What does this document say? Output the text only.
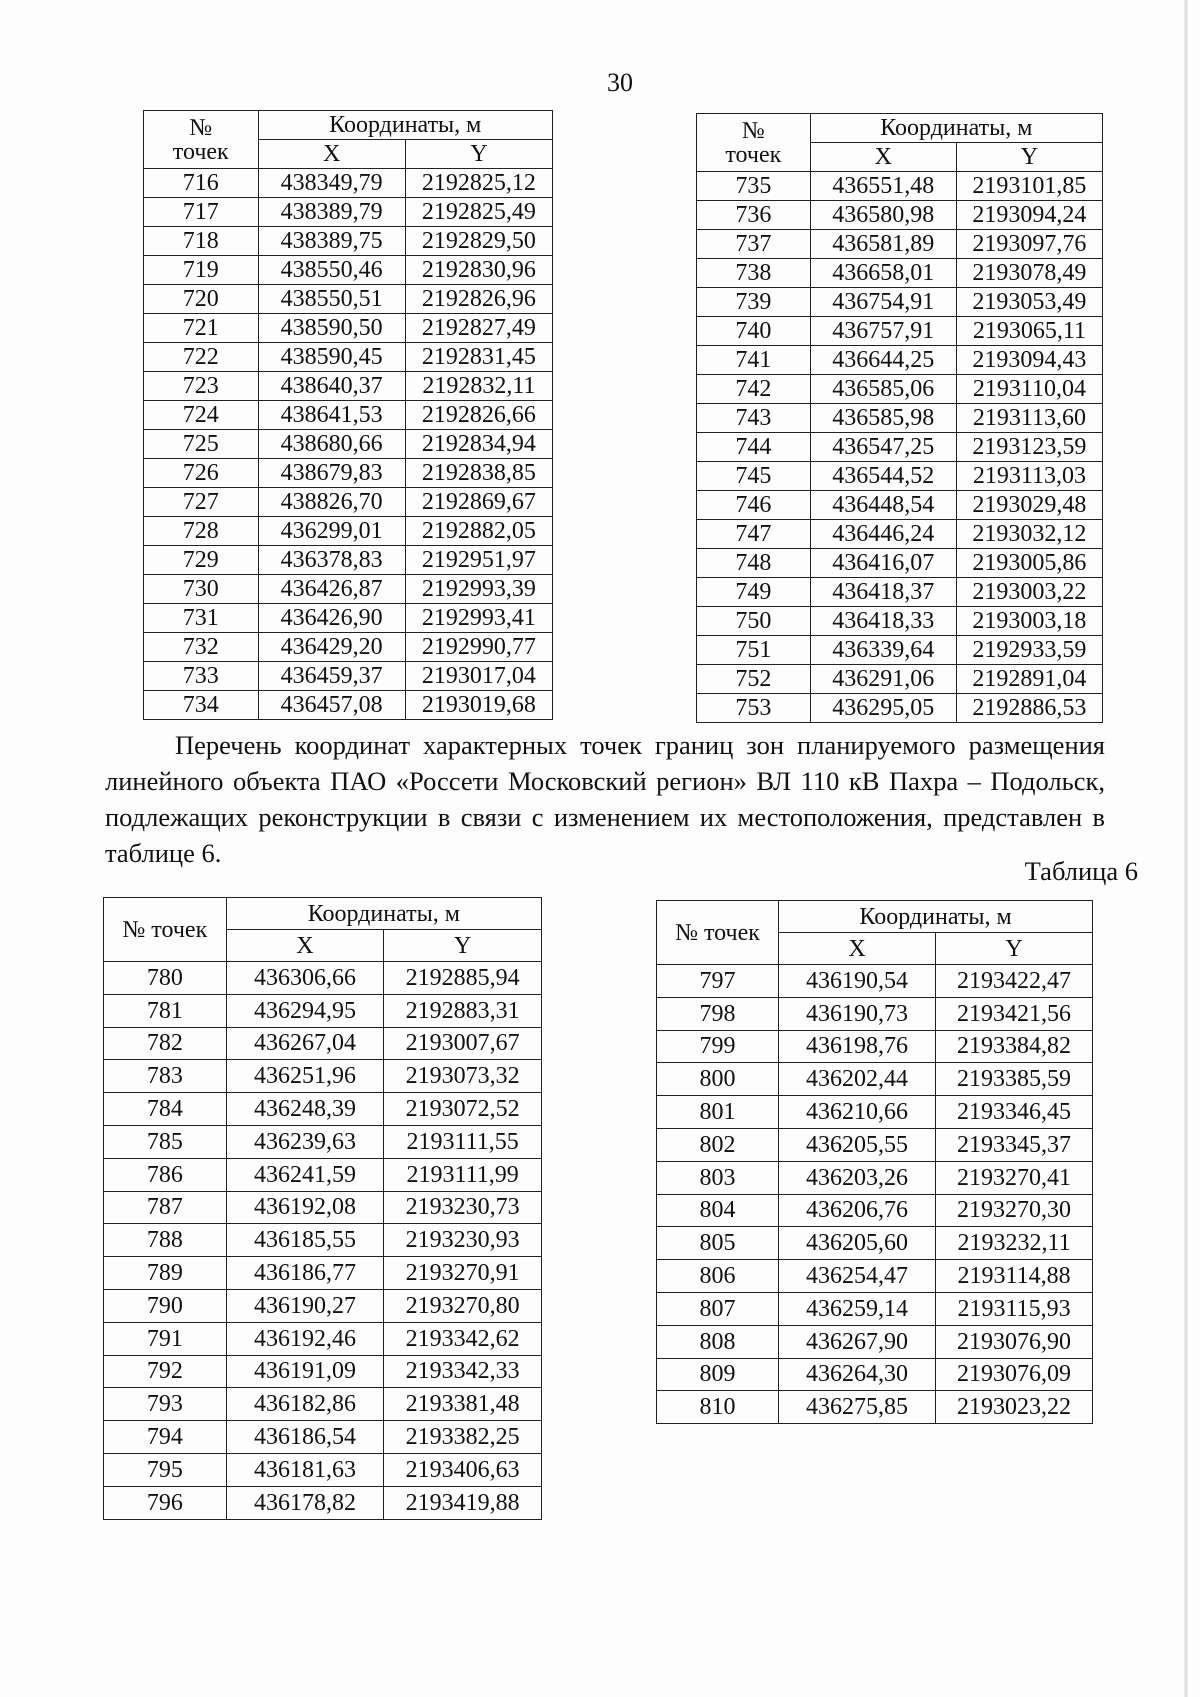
30
№
точек	Координаты, м	
	X	Y
716	438349,79	2192825,12
717	438389,79	2192825,49
718	438389,75	2192829,50
719	438550,46	2192830,96
720	438550,51	2192826,96
721	438590,50	2192827,49
722	438590,45	2192831,45
723	438640,37	2192832,11
724	438641,53	2192826,66
725	438680,66	2192834,94
726	438679,83	2192838,85
727	438826,70	2192869,67
728	436299,01	2192882,05
729	436378,83	2192951,97
730	436426,87	2192993,39
731	436426,90	2192993,41
732	436429,20	2192990,77
733	436459,37	2193017,04
734	436457,08	2193019,68
№
точек	Координаты, м	
	X	Y
735	436551,48	2193101,85
736	436580,98	2193094,24
737	436581,89	2193097,76
738	436658,01	2193078,49
739	436754,91	2193053,49
740	436757,91	2193065,11
741	436644,25	2193094,43
742	436585,06	2193110,04
743	436585,98	2193113,60
744	436547,25	2193123,59
745	436544,52	2193113,03
746	436448,54	2193029,48
747	436446,24	2193032,12
748	436416,07	2193005,86
749	436418,37	2193003,22
750	436418,33	2193003,18
751	436339,64	2192933,59
752	436291,06	2192891,04
753	436295,05	2192886,53

Перечень координат характерных точек границ зон планируемого размещения линейного объекта ПАО «Россети Московский регион» ВЛ 110 кВ Пахра – Подольск, подлежащих реконструкции в связи с изменением их местоположения, представлен в таблице 6.

Таблица 6
№ точек	Координаты, м	
	X	Y
780	436306,66	2192885,94
781	436294,95	2192883,31
782	436267,04	2193007,67
783	436251,96	2193073,32
784	436248,39	2193072,52
785	436239,63	2193111,55
786	436241,59	2193111,99
787	436192,08	2193230,73
788	436185,55	2193230,93
789	436186,77	2193270,91
790	436190,27	2193270,80
791	436192,46	2193342,62
792	436191,09	2193342,33
793	436182,86	2193381,48
794	436186,54	2193382,25
795	436181,63	2193406,63
796	436178,82	2193419,88
№ точек	Координаты, м	
	X	Y
797	436190,54	2193422,47
798	436190,73	2193421,56
799	436198,76	2193384,82
800	436202,44	2193385,59
801	436210,66	2193346,45
802	436205,55	2193345,37
803	436203,26	2193270,41
804	436206,76	2193270,30
805	436205,60	2193232,11
806	436254,47	2193114,88
807	436259,14	2193115,93
808	436267,90	2193076,90
809	436264,30	2193076,09
810	436275,85	2193023,22
